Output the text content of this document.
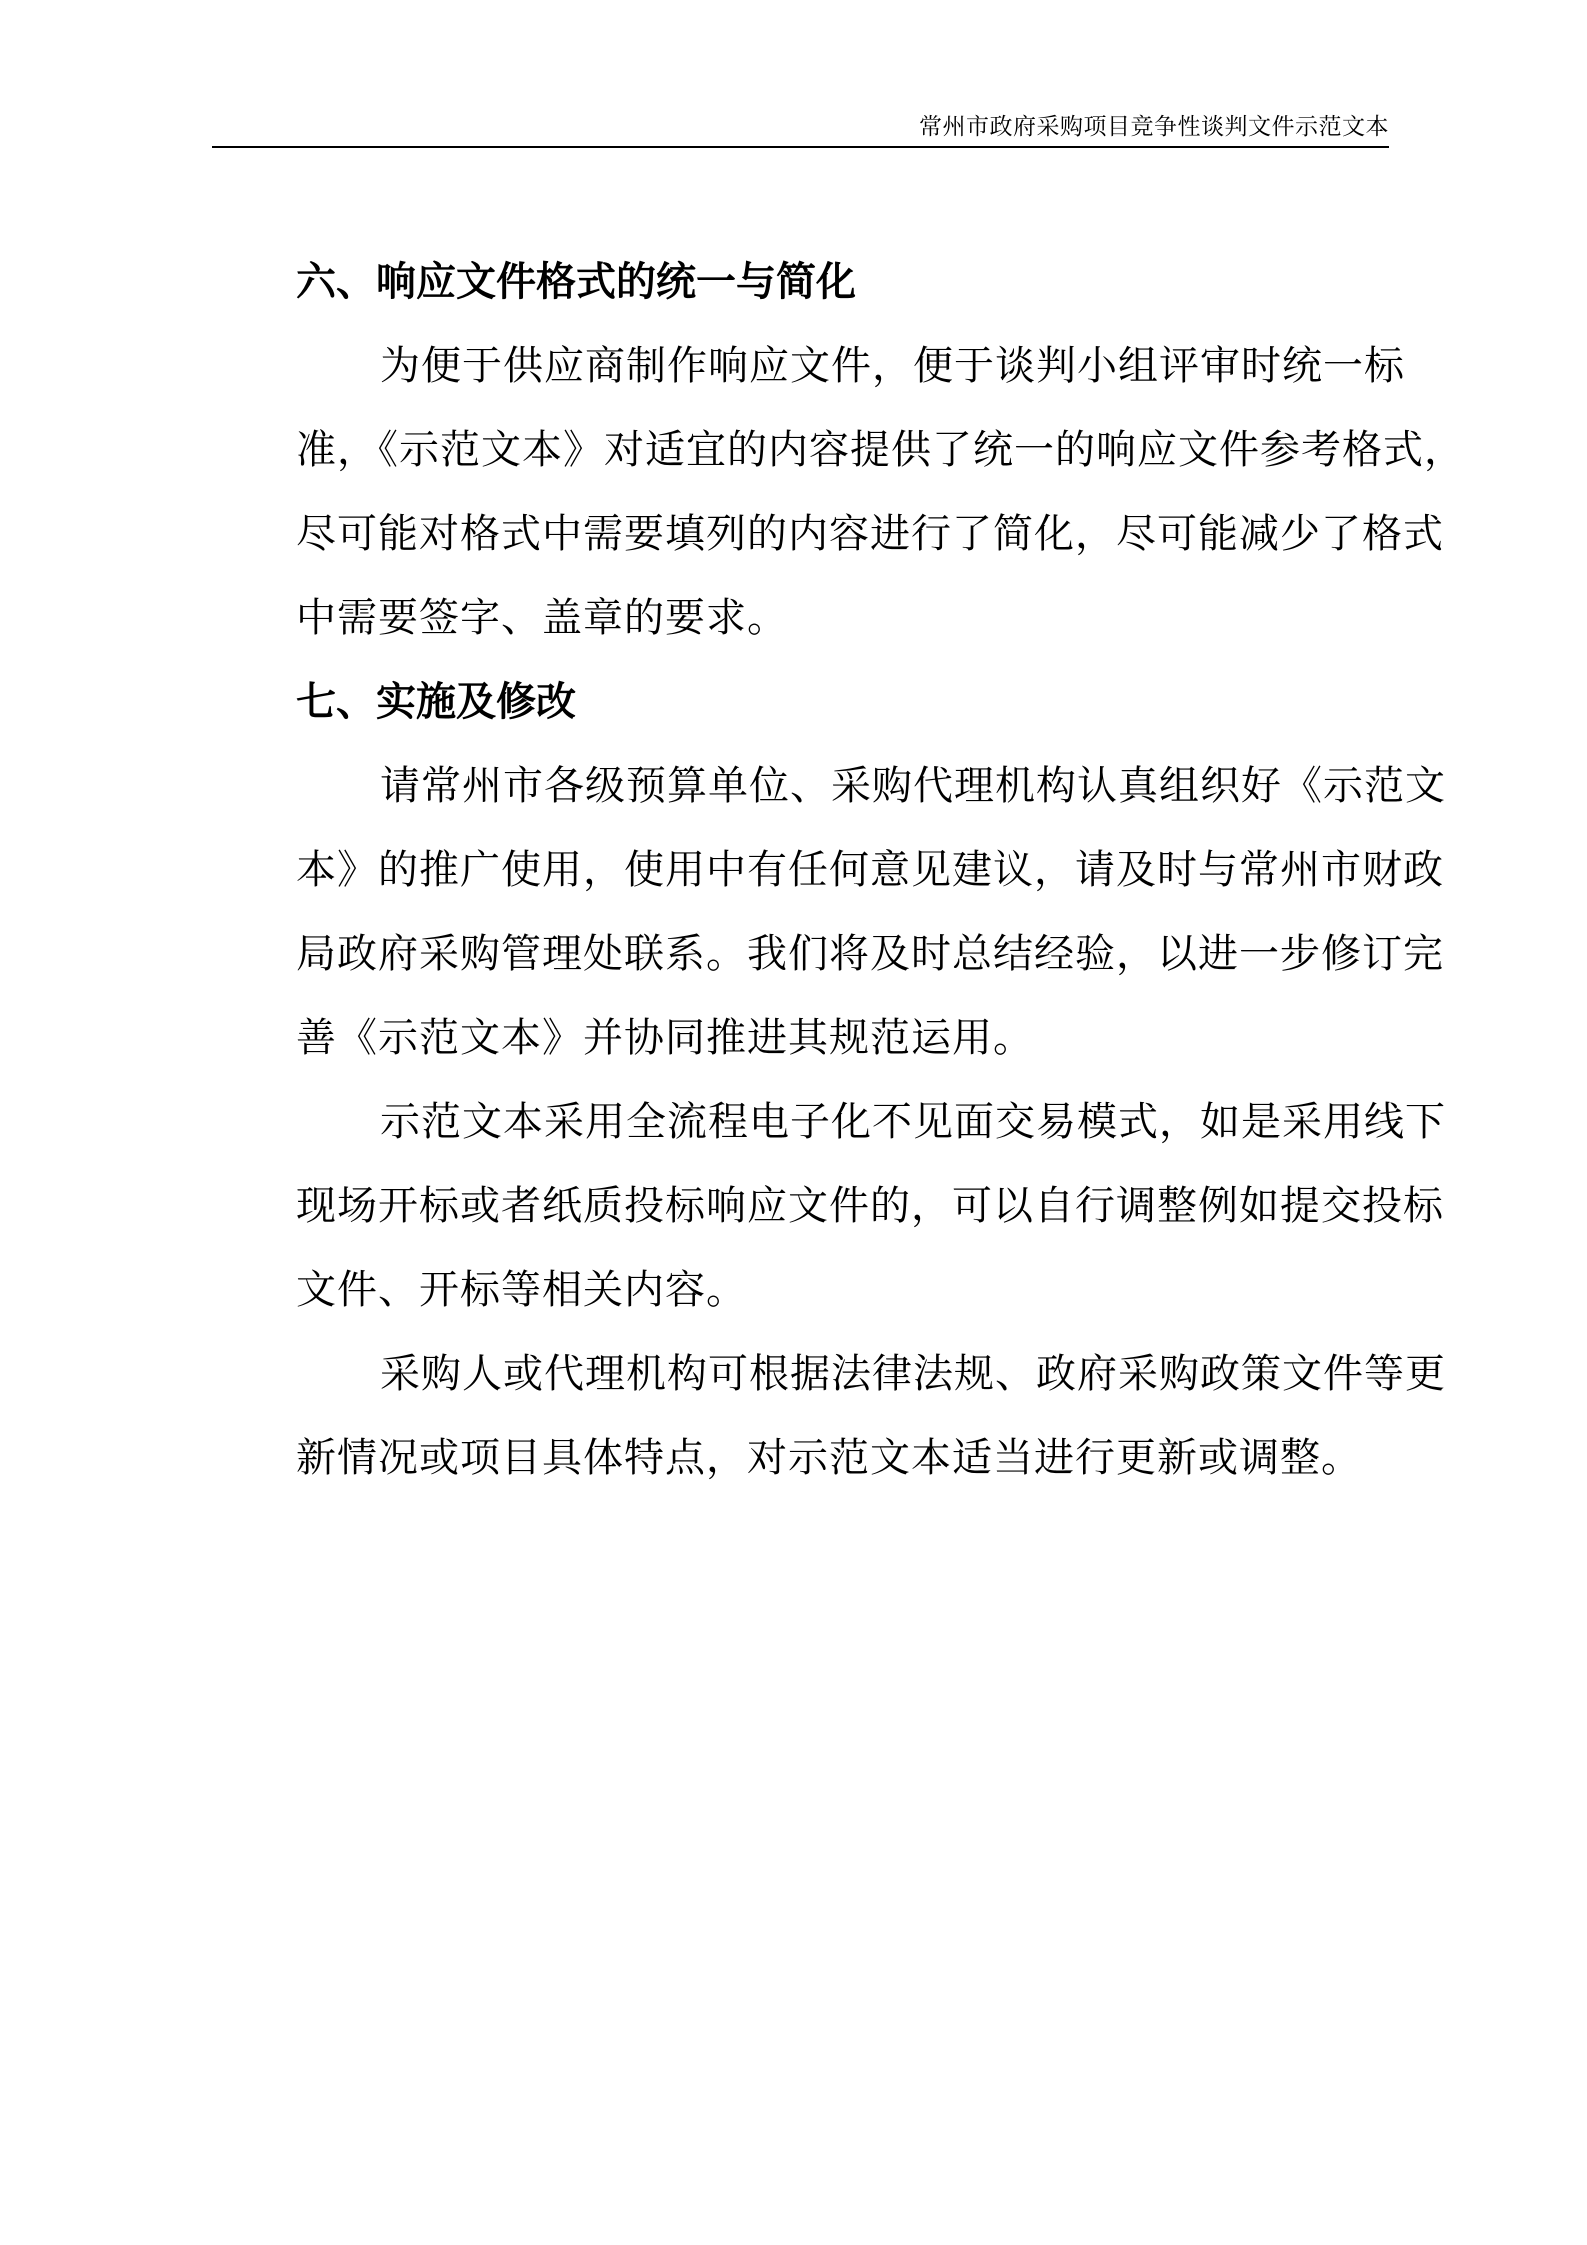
常州市政府采购项目竞争性谈判文件示范文本
六、响应文件格式的统一与简化
为便于供应商制作响应文件，便于谈判小组评审时统一标
准，《示范文本》对适宜的内容提供了统一的响应文件参考格式，
尽可能对格式中需要填列的内容进行了简化，尽可能减少了格式
中需要签字、盖章的要求。
七、实施及修改
请常州市各级预算单位、采购代理机构认真组织好《示范文
本》的推广使用，使用中有任何意见建议，请及时与常州市财政
局政府采购管理处联系。我们将及时总结经验，以进一步修订完
善《示范文本》并协同推进其规范运用。
示范文本采用全流程电子化不见面交易模式，如是采用线下
现场开标或者纸质投标响应文件的，可以自行调整例如提交投标
文件、开标等相关内容。
采购人或代理机构可根据法律法规、政府采购政策文件等更
新情况或项目具体特点，对示范文本适当进行更新或调整。
